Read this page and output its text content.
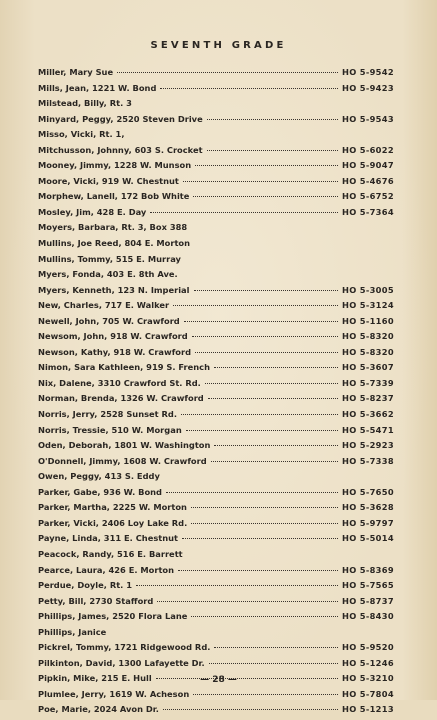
SEVENTH GRADE
Miller, Mary Sue	HO 5-9542
Mills, Jean, 1221 W. Bond	HO 5-9423
Milstead, Billy, Rt. 3
Minyard, Peggy, 2520 Steven Drive	HO 5-9543
Misso, Vicki, Rt. 1,
Mitchusson, Johnny, 603 S. Crocket	HO 5-6022
Mooney, Jimmy, 1228 W. Munson	HO 5-9047
Moore, Vicki, 919 W. Chestnut	HO 5-4676
Morphew, Lanell, 172 Bob White	HO 5-6752
Mosley, Jim, 428 E. Day	HO 5-7364
Moyers, Barbara, Rt. 3, Box 388
Mullins, Joe Reed, 804 E. Morton
Mullins, Tommy, 515 E. Murray
Myers, Fonda, 403 E. 8th Ave.
Myers, Kenneth, 123 N. Imperial	HO 5-3005
New, Charles, 717 E. Walker	HO 5-3124
Newell, John, 705 W. Crawford	HO 5-1160
Newsom, John, 918 W. Crawford	HO 5-8320
Newson, Kathy, 918 W. Crawford	HO 5-8320
Nimon, Sara Kathleen, 919 S. French	HO 5-3607
Nix, Dalene, 3310 Crawford St. Rd.	HO 5-7339
Norman, Brenda, 1326 W. Crawford	HO 5-8237
Norris, Jerry, 2528 Sunset Rd.	HO 5-3662
Norris, Tressie, 510 W. Morgan	HO 5-5471
Oden, Deborah, 1801 W. Washington	HO 5-2923
O'Donnell, Jimmy, 1608 W. Crawford	HO 5-7338
Owen, Peggy, 413 S. Eddy
Parker, Gabe, 936 W. Bond	HO 5-7650
Parker, Martha, 2225 W. Morton	HO 5-3628
Parker, Vicki, 2406 Loy Lake Rd.	HO 5-9797
Payne, Linda, 311 E. Chestnut	HO 5-5014
Peacock, Randy, 516 E. Barrett
Pearce, Laura, 426 E. Morton	HO 5-8369
Perdue, Doyle, Rt. 1	HO 5-7565
Petty, Bill, 2730 Stafford	HO 5-8737
Phillips, James, 2520 Flora Lane	HO 5-8430
Phillips, Janice
Pickrel, Tommy, 1721 Ridgewood Rd.	HO 5-9520
Pilkinton, David, 1300 Lafayette Dr.	HO 5-1246
Pipkin, Mike, 215 E. Hull	HO 5-3210
Plumlee, Jerry, 1619 W. Acheson	HO 5-7804
Poe, Marie, 2024 Avon Dr.	HO 5-1213
— 28 —
